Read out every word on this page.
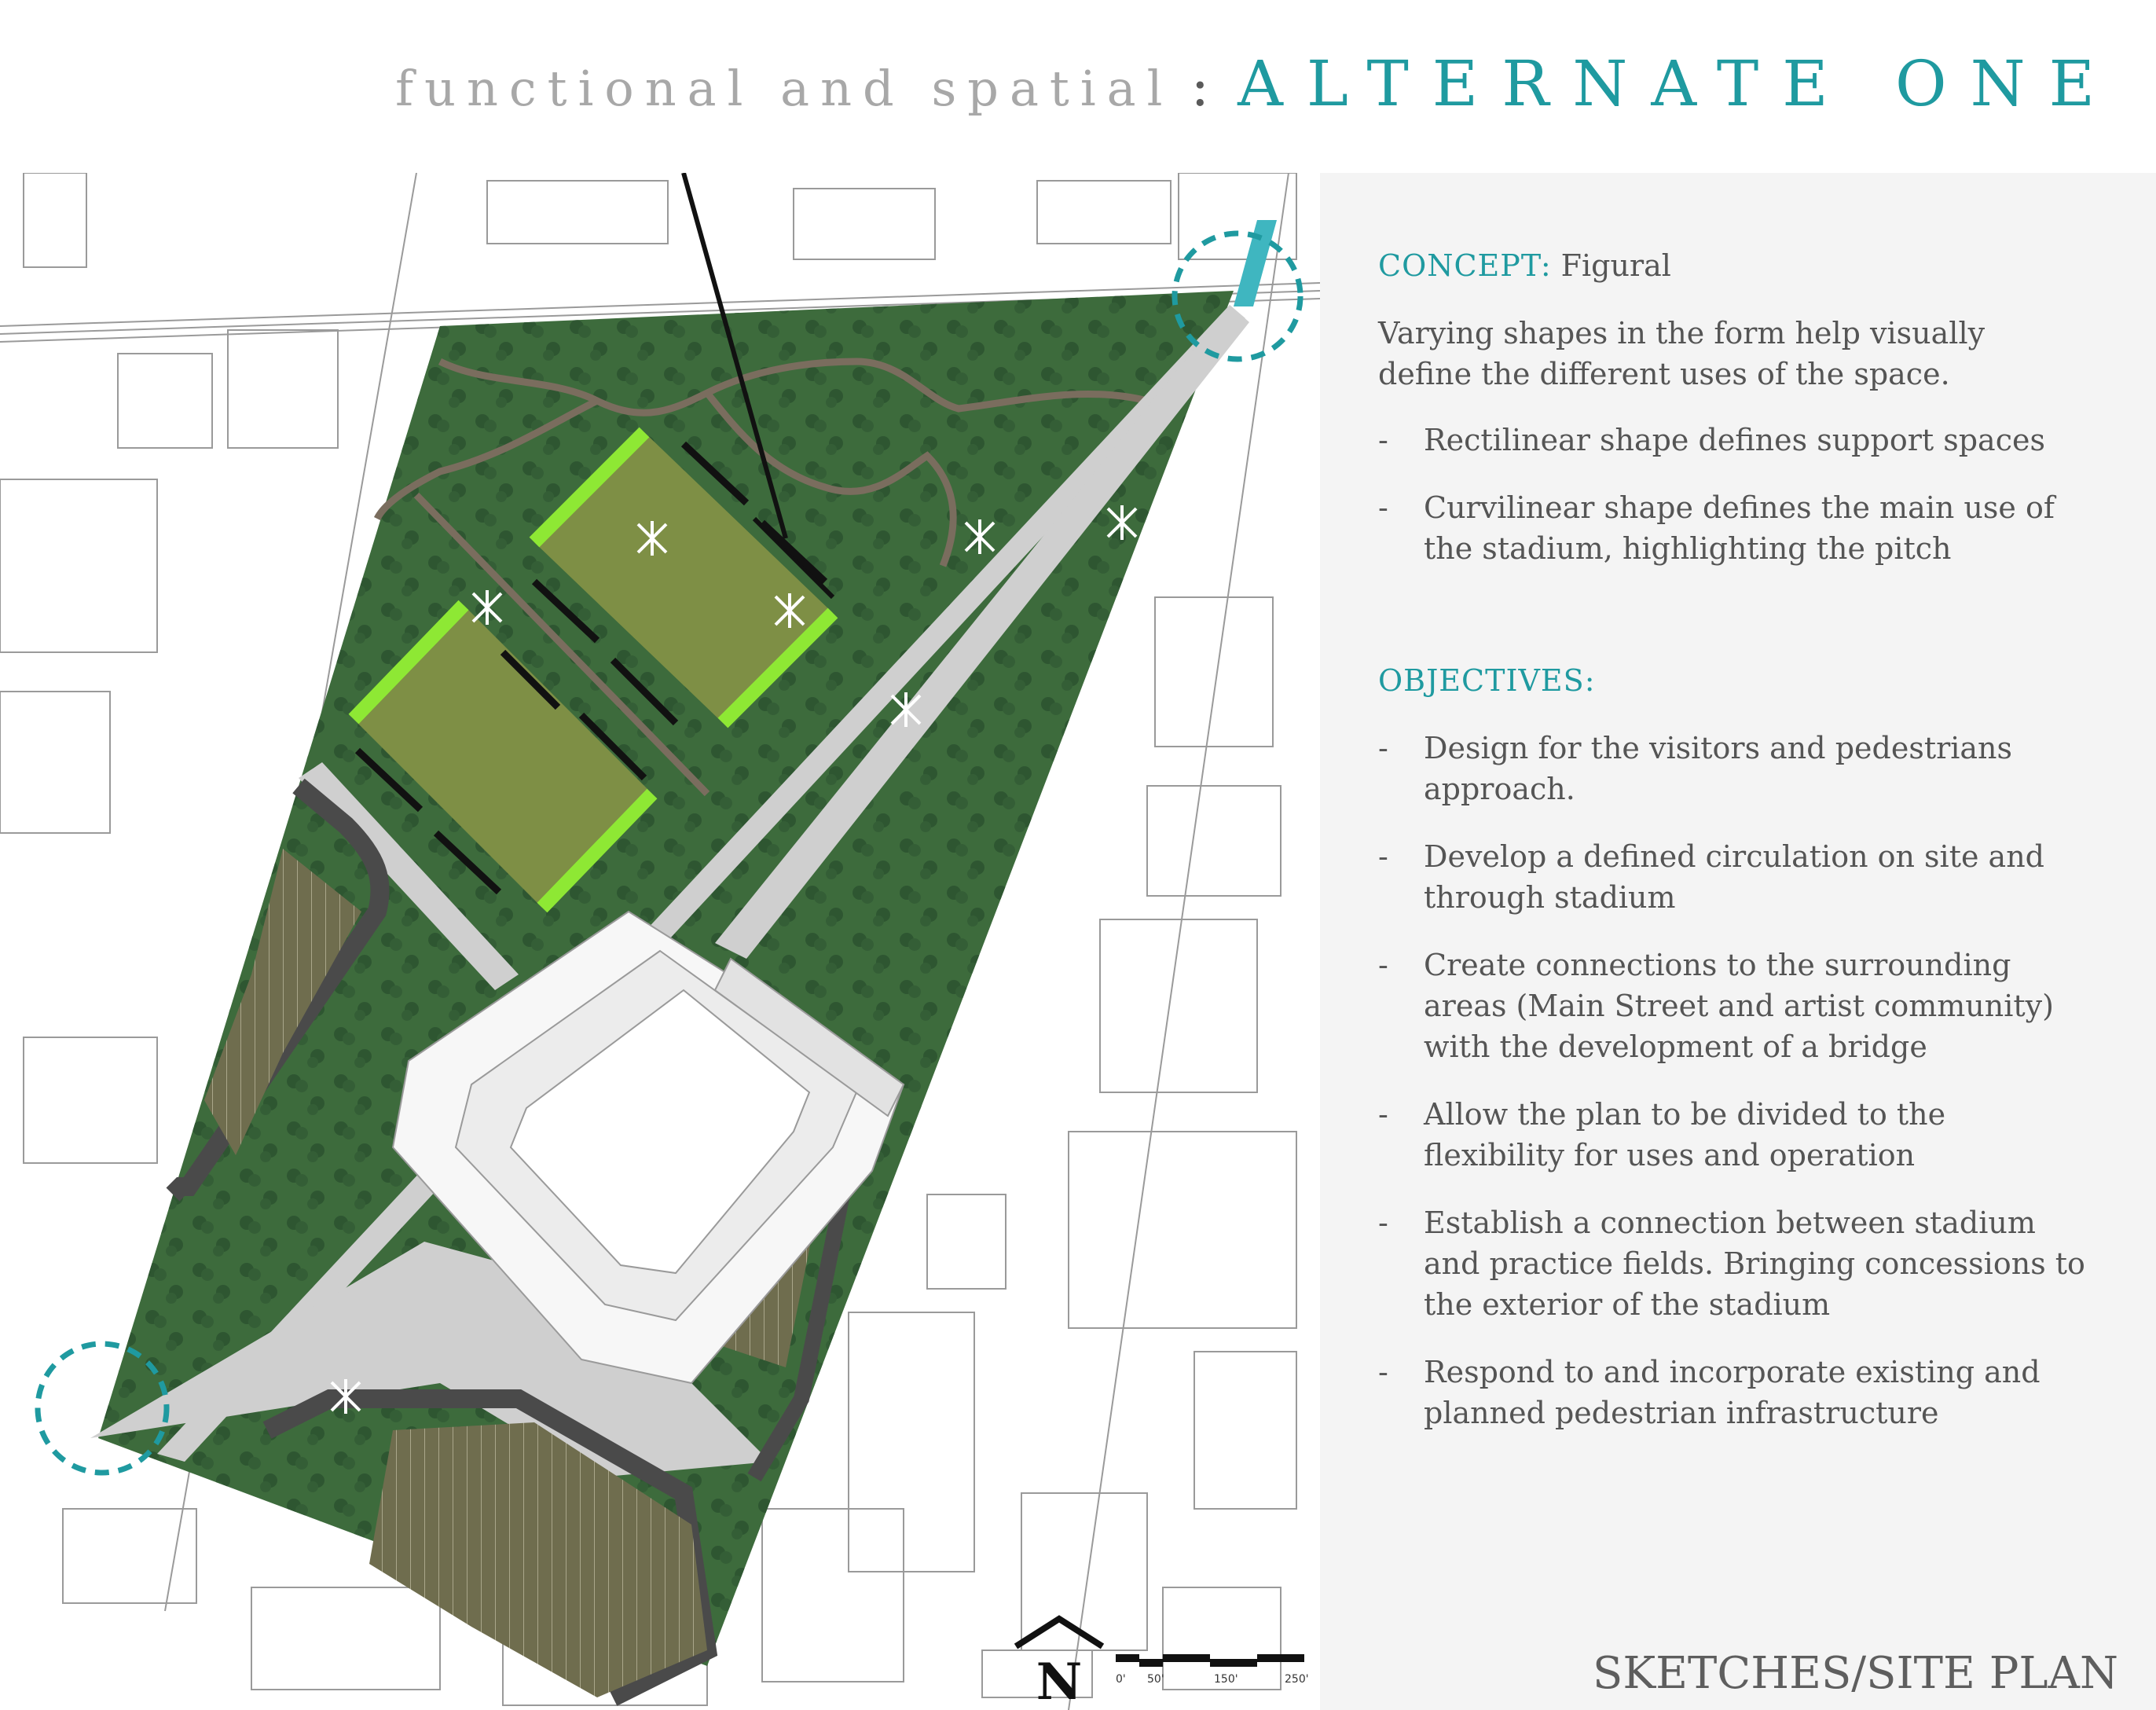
functional and spatial : ALTERNATE ONE
N	0' 50'	150'	250'
CONCEPT: Figural
Varying shapes in the form help visually define the different uses of the space.
- Rectilinear shape defines support spaces
- Curvilinear shape defines the main use of the stadium, highlighting the pitch
OBJECTIVES:
- Design for the visitors and pedestrians approach.
- Develop a defined circulation on site and through stadium
- Create connections to the surrounding areas (Main Street and artist community) with the development of a bridge
- Allow the plan to be divided to the flexibility for uses and operation
- Establish a connection between stadium and practice fields. Bringing concessions to the exterior of the stadium
- Respond to and incorporate existing and planned pedestrian infrastructure
SKETCHES/SITE PLAN
